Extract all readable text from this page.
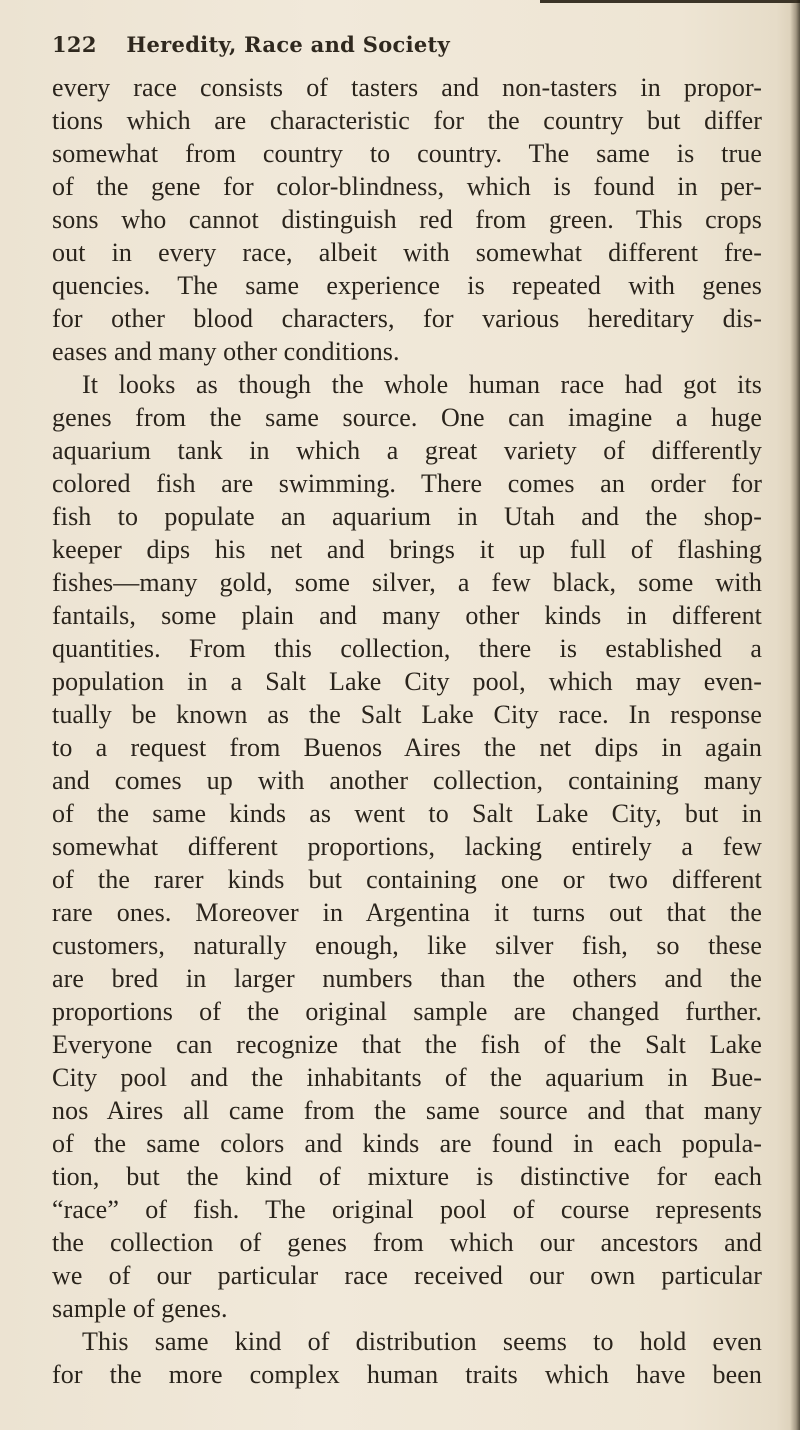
122 Heredity, Race and Society
every race consists of tasters and non-tasters in propor-
tions which are characteristic for the country but differ
somewhat from country to country. The same is true
of the gene for color-blindness, which is found in per-
sons who cannot distinguish red from green. This crops
out in every race, albeit with somewhat different fre-
quencies. The same experience is repeated with genes
for other blood characters, for various hereditary dis-
eases and many other conditions.
It looks as though the whole human race had got its
genes from the same source. One can imagine a huge
aquarium tank in which a great variety of differently
colored fish are swimming. There comes an order for
fish to populate an aquarium in Utah and the shop-
keeper dips his net and brings it up full of flashing
fishes—many gold, some silver, a few black, some with
fantails, some plain and many other kinds in different
quantities. From this collection, there is established a
population in a Salt Lake City pool, which may even-
tually be known as the Salt Lake City race. In response
to a request from Buenos Aires the net dips in again
and comes up with another collection, containing many
of the same kinds as went to Salt Lake City, but in
somewhat different proportions, lacking entirely a few
of the rarer kinds but containing one or two different
rare ones. Moreover in Argentina it turns out that the
customers, naturally enough, like silver fish, so these
are bred in larger numbers than the others and the
proportions of the original sample are changed further.
Everyone can recognize that the fish of the Salt Lake
City pool and the inhabitants of the aquarium in Bue-
nos Aires all came from the same source and that many
of the same colors and kinds are found in each popula-
tion, but the kind of mixture is distinctive for each
“race” of fish. The original pool of course represents
the collection of genes from which our ancestors and
we of our particular race received our own particular
sample of genes.
This same kind of distribution seems to hold even
for the more complex human traits which have been
